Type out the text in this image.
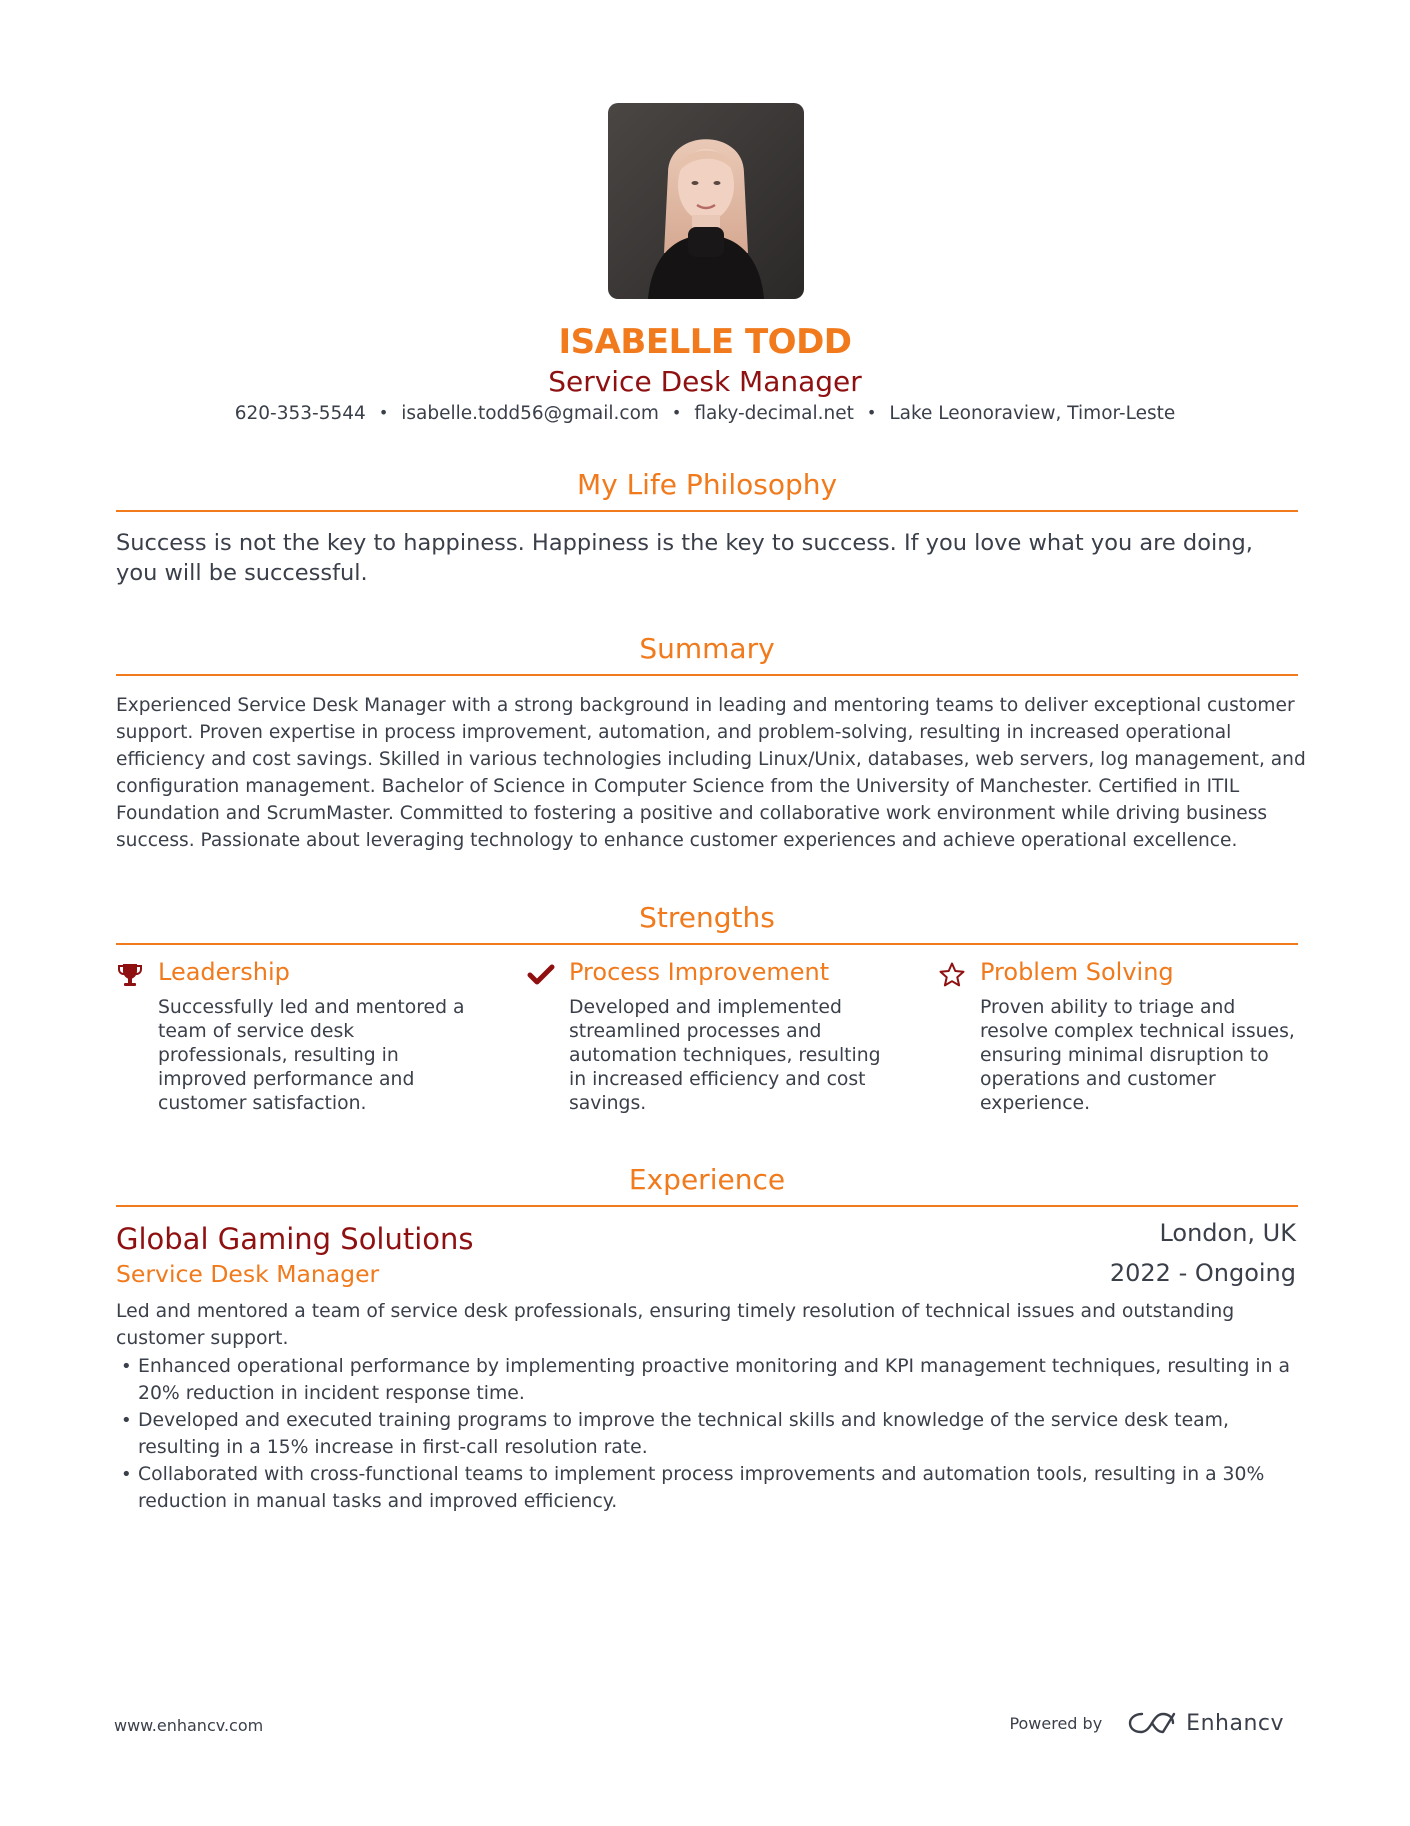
ISABELLE TODD
Service Desk Manager
620-353-5544 • isabelle.todd56@gmail.com • flaky-decimal.net • Lake Leonoraview, Timor-Leste
My Life Philosophy
Success is not the key to happiness. Happiness is the key to success. If you love what you are doing, you will be successful.
Summary
Experienced Service Desk Manager with a strong background in leading and mentoring teams to deliver exceptional customer support. Proven expertise in process improvement, automation, and problem-solving, resulting in increased operational efficiency and cost savings. Skilled in various technologies including Linux/Unix, databases, web servers, log management, and configuration management. Bachelor of Science in Computer Science from the University of Manchester. Certified in ITIL Foundation and ScrumMaster. Committed to fostering a positive and collaborative work environment while driving business success. Passionate about leveraging technology to enhance customer experiences and achieve operational excellence.
Strengths
Leadership
Successfully led and mentored a team of service desk professionals, resulting in improved performance and customer satisfaction.
Process Improvement
Developed and implemented streamlined processes and automation techniques, resulting in increased efficiency and cost savings.
Problem Solving
Proven ability to triage and resolve complex technical issues, ensuring minimal disruption to operations and customer experience.
Experience
Global Gaming Solutions	London, UK
Service Desk Manager	2022 - Ongoing
Led and mentored a team of service desk professionals, ensuring timely resolution of technical issues and outstanding customer support.
• Enhanced operational performance by implementing proactive monitoring and KPI management techniques, resulting in a 20% reduction in incident response time.
• Developed and executed training programs to improve the technical skills and knowledge of the service desk team, resulting in a 15% increase in first-call resolution rate.
• Collaborated with cross-functional teams to implement process improvements and automation tools, resulting in a 30% reduction in manual tasks and improved efficiency.
www.enhancv.com	Powered by	Enhancv
